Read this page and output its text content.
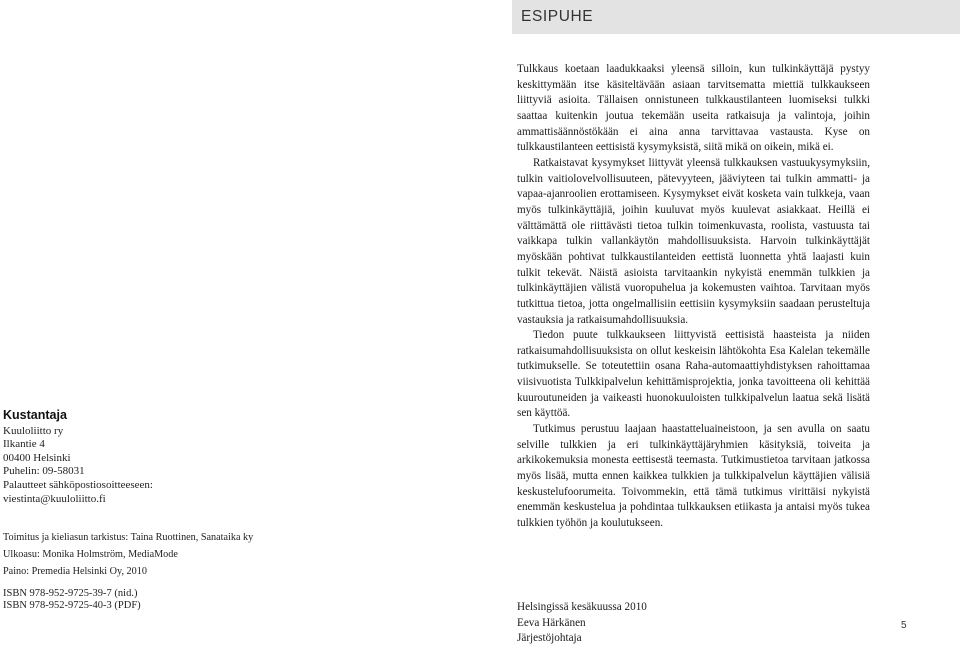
Kustantaja
Kuuloliitto ry
Ilkantie 4
00400 Helsinki
Puhelin: 09-58031
Palautteet sähköpostiosoitteeseen:
viestinta@kuuloliitto.fi
Toimitus ja kieliasun tarkistus: Taina Ruottinen, Sanataika ky
Ulkoasu: Monika Holmström, MediaMode
Paino: Premedia Helsinki Oy, 2010
ISBN 978-952-9725-39-7 (nid.)
ISBN 978-952-9725-40-3 (PDF)
ESIPUHE

Tulkkaus koetaan laadukkaaksi yleensä silloin, kun tulkinkäyttäjä pystyy keskittymään itse käsiteltävään asiaan tarvitsematta miettiä tulkkaukseen liittyviä asioita. Tällaisen onnistuneen tulkkaustilanteen luomiseksi tulkki saattaa kuitenkin joutua tekemään useita ratkaisuja ja valintoja, joihin ammattisäännöstökään ei aina anna tarvittavaa vastausta. Kyse on tulkkaustilanteen eettisistä kysymyksistä, siitä mikä on oikein, mikä ei.

Ratkaistavat kysymykset liittyvät yleensä tulkkauksen vastuukysymyksiin, tulkin vaitiolovelvollisuuteen, pätevyyteen, jääviyteen tai tulkin ammatti- ja vapaa-ajanroolien erottamiseen. Kysymykset eivät kosketa vain tulkkeja, vaan myös tulkinkäyttäjiä, joihin kuuluvat myös kuulevat asiakkaat. Heillä ei välttämättä ole riittävästi tietoa tulkin toimenkuvasta, roolista, vastuusta tai vaikkapa tulkin vallankäytön mahdollisuuksista. Harvoin tulkinkäyttäjät myöskään pohtivat tulkkaustilanteiden eettistä luonnetta yhtä laajasti kuin tulkit tekevät. Näistä asioista tarvitaankin nykyistä enemmän tulkkien ja tulkinkäyttäjien välistä vuoropuhelua ja kokemusten vaihtoa. Tarvitaan myös tutkittua tietoa, jotta ongelmallisiin eettisiin kysymyksiin saadaan perusteltuja vastauksia ja ratkaisumahdollisuuksia.

Tiedon puute tulkkaukseen liittyvistä eettisistä haasteista ja niiden ratkaisumahdollisuuksista on ollut keskeisin lähtökohta Esa Kalelan tekemälle tutkimukselle. Se toteutettiin osana Raha-automaattiyhdistyksen rahoittamaa viisivuotista Tulkkipalvelun kehittämisprojektia, jonka tavoitteena oli kehittää kuuroutuneiden ja vaikeasti huonokuuloisten tulkkipalvelun laatua sekä lisätä sen käyttöä.

Tutkimus perustuu laajaan haastatteluaineistoon, ja sen avulla on saatu selville tulkkien ja eri tulkinkäyttäjäryhmien käsityksiä, toiveita ja arkikokemuksia monesta eettisestä teemasta. Tutkimustietoa tarvitaan jatkossa myös lisää, mutta ennen kaikkea tulkkien ja tulkkipalvelun käyttäjien välisiä keskustelufoorumeita. Toivommekin, että tämä tutkimus virittäisi nykyistä enemmän keskustelua ja pohdintaa tulkkauksen etiikasta ja antaisi myös tukea tulkkien työhön ja koulutukseen.

Helsingissä kesäkuussa 2010
Eeva Härkänen
Järjestöjohtaja
5
